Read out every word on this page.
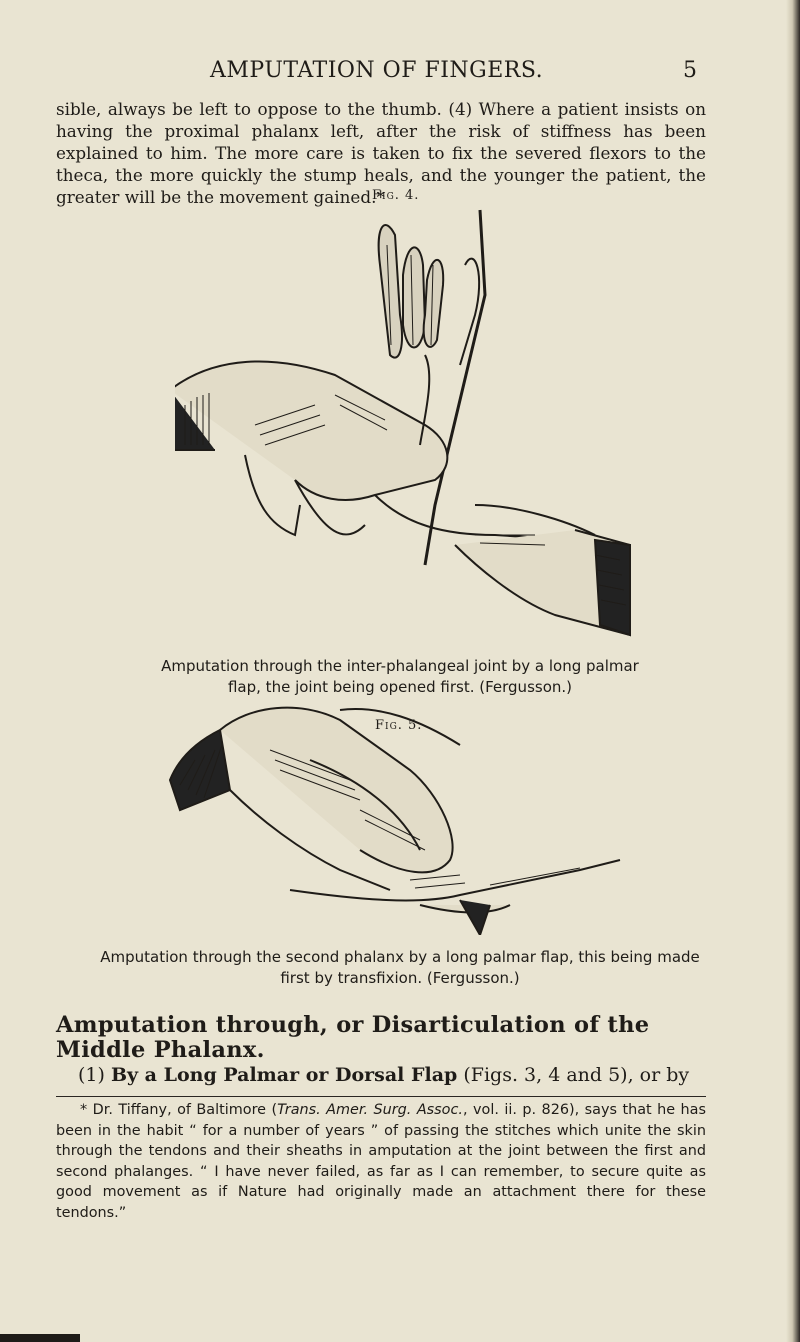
AMPUTATION OF FINGERS.	5

sible, always be left to oppose to the thumb. (4) Where a patient insists on having the proximal phalanx left, after the risk of stiffness has been explained to him. The more care is taken to fix the severed flexors to the theca, the more quickly the stump heals, and the younger the patient, the greater will be the movement gained.*

Fig. 4.

Amputation through the inter-phalangeal joint by a long palmar flap, the joint being opened first. (Fergusson.)

Fig. 5.

Amputation through the second phalanx by a long palmar flap, this being made first by transfixion. (Fergusson.)

Amputation through, or Disarticulation of the Middle Phalanx.

(1) By a Long Palmar or Dorsal Flap (Figs. 3, 4 and 5), or by

* Dr. Tiffany, of Baltimore (Trans. Amer. Surg. Assoc., vol. ii. p. 826), says that he has been in the habit “ for a number of years ” of passing the stitches which unite the skin through the tendons and their sheaths in amputation at the joint between the first and second phalanges. “ I have never failed, as far as I can remember, to secure quite as good movement as if Nature had originally made an attachment there for these tendons.”
